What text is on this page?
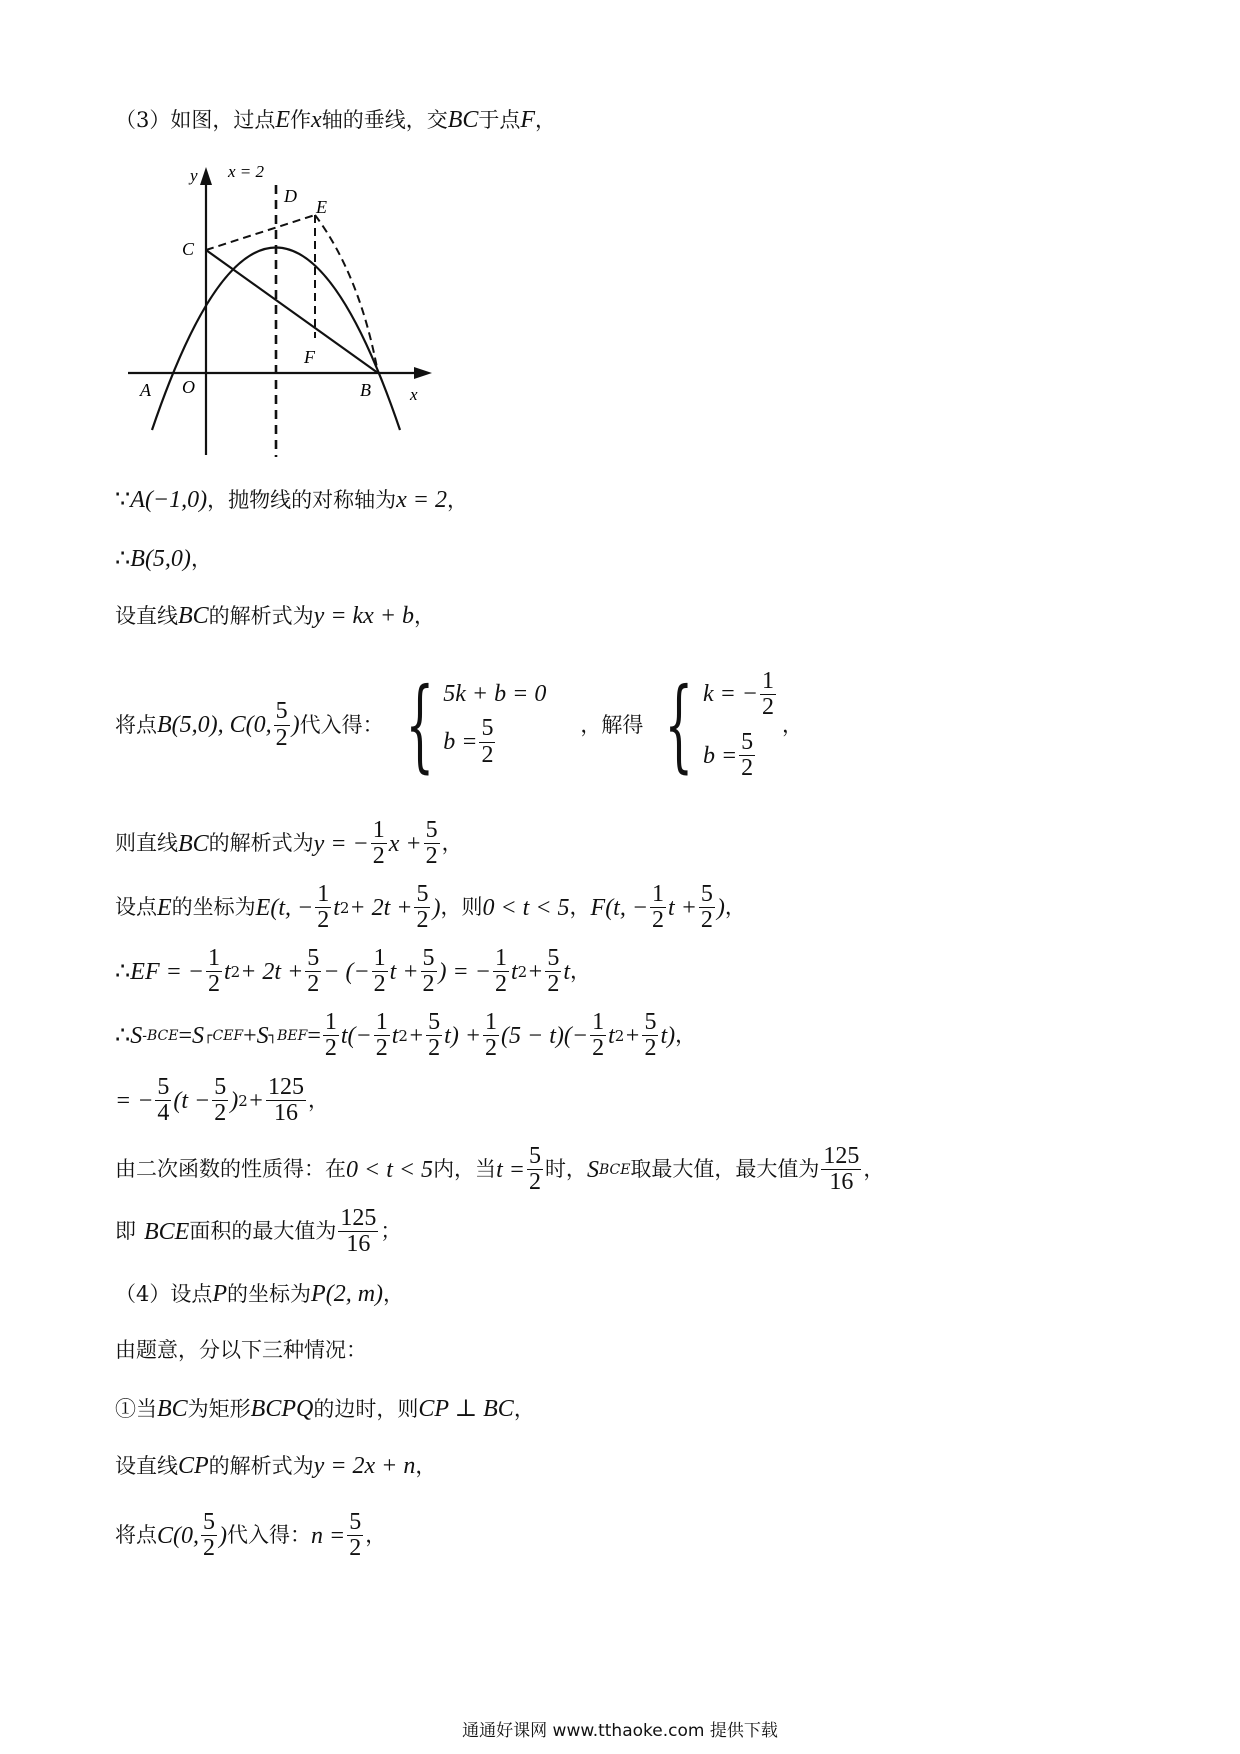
（3）如图，过点 E 作 x 轴的垂线，交 BC 于点 F ，
x = 2
y
x
D
E
C
F
A O	B
∵ A(−1,0) ，抛物线的对称轴为 x = 2 ，
∴ B(5,0) ，
设直线 BC 的解析式为 y = kx + b ，
将点 B(5,0), C(0, $\frac{5}{2}$ ) 代入得： { 5k + b = 0
$b = \frac{5}{2}$	，解得 { k = − $\frac{1}{2}$
$b = \frac{5}{2}$
，
则直线 BC 的解析式为 y = − $\frac{1}{2}$ $x + \frac{5}{2}$ ，
设点 E 的坐标为 E(t, − $\frac{1}{2}$ t $2 + 2t + \frac{5}{2}$ ) ，则 0 < t < 5 ， F(t, − $\frac{1}{2}$ $t + \frac{5}{2}$ ) ，
∴ EF = − $\frac{1}{2}$ t $2 + 2t + \frac{5}{2}$ − (− $\frac{1}{2}$ $t + \frac{5}{2}$ ) = − $\frac{1}{2}$ t $2 + \frac{5}{2}$ t ，
∴ S -BCE = S ┌CEF + S ┐BEF = $\frac{1}{2} t(- \frac{1}{2}$ t $2 + \frac{5}{2} t) + \frac{1}{2} (5 - t)(- \frac{1}{2}$ t $2 + \frac{5}{2} t$) ，
= − $\frac{5}{4} (t - \frac{5}{2}$ ) $2 + \frac{125}{16}$ ，
由二次函数的性质得：在 0 < t < 5 内，当 $t = \frac{5}{2}$ 时， S BCE 取最大值，最大值为 $\frac{125}{16}$ ，
即 BCE 面积的最大值为 $\frac{125}{16}$ ；
（4）设点 P 的坐标为 P(2, m) ，
由题意，分以下三种情况：
①当 BC 为矩形 BCPQ 的边时，则 CP ⊥ BC ，
设直线 CP 的解析式为 y = 2x + n ，
将点 C(0, $\frac{5}{2}$ ) 代入得： $n = \frac{5}{2}$ ，
通通好课网 www.tthaoke.com 提供下载
